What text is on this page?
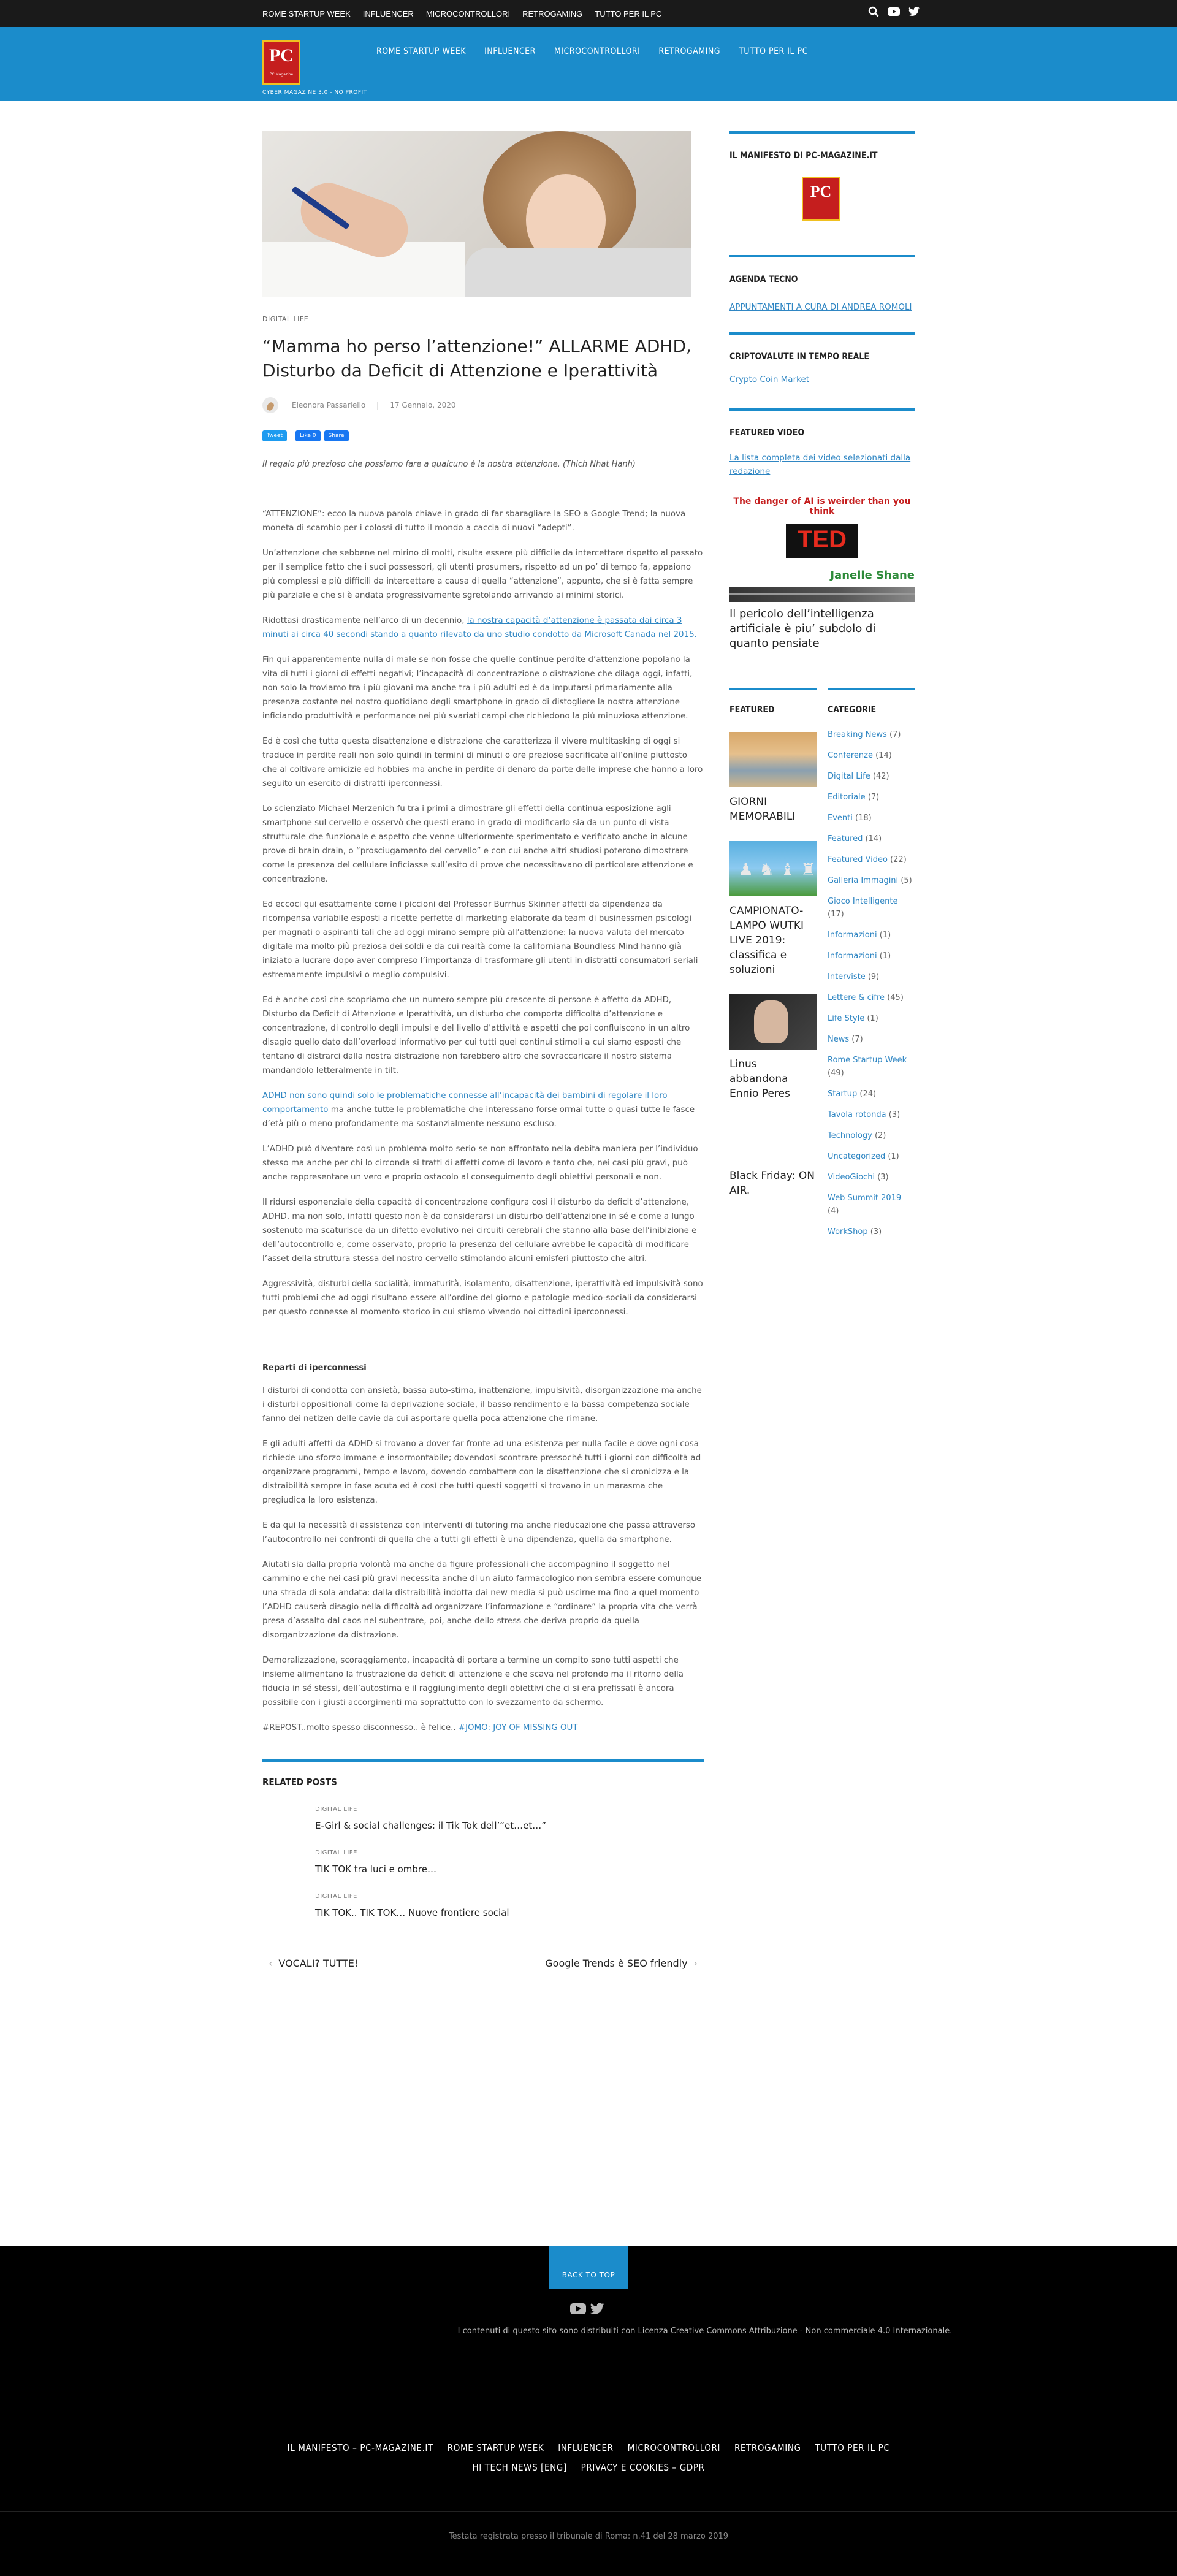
ROME STARTUP WEEK INFLUENCER MICROCONTROLLORI RETROGAMING TUTTO PER IL PC
PC
PC Magazine
CYBER MAGAZINE 3.0 - NO PROFIT
ROME STARTUP WEEK INFLUENCER MICROCONTROLLORI RETROGAMING TUTTO PER IL PC
DIGITAL LIFE
“Mamma ho perso l’attenzione!” ALLARME ADHD, Disturbo da Deficit di Attenzione e Iperattività
Eleonora Passariello | 17 Gennaio, 2020
Tweet	Like 0	Share
Il regalo più prezioso che possiamo fare a qualcuno è la nostra attenzione. (Thich Nhat Hanh)

“ATTENZIONE”: ecco la nuova parola chiave in grado di far sbaragliare la SEO a Google Trend; la nuova moneta di scambio per i colossi di tutto il mondo a caccia di nuovi “adepti”.

Un’attenzione che sebbene nel mirino di molti, risulta essere più difficile da intercettare rispetto al passato per il semplice fatto che i suoi possessori, gli utenti prosumers, rispetto ad un po’ di tempo fa, appaiono più complessi e più difficili da intercettare a causa di quella “attenzione”, appunto, che si è fatta sempre più parziale e che si è andata progressivamente sgretolando arrivando ai minimi storici.

Ridottasi drasticamente nell’arco di un decennio, la nostra capacità d’attenzione è passata dai circa 3 minuti ai circa 40 secondi stando a quanto rilevato da uno studio condotto da Microsoft Canada nel 2015.

Fin qui apparentemente nulla di male se non fosse che quelle continue perdite d’attenzione popolano la vita di tutti i giorni di effetti negativi; l’incapacità di concentrazione o distrazione che dilaga oggi, infatti, non solo la troviamo tra i più giovani ma anche tra i più adulti ed è da imputarsi primariamente alla presenza costante nel nostro quotidiano degli smartphone in grado di distogliere la nostra attenzione inficiando produttività e performance nei più svariati campi che richiedono la più minuziosa attenzione.

Ed è così che tutta questa disattenzione e distrazione che caratterizza il vivere multitasking di oggi si traduce in perdite reali non solo quindi in termini di minuti o ore preziose sacrificate all’online piuttosto che al coltivare amicizie ed hobbies ma anche in perdite di denaro da parte delle imprese che hanno a loro seguito un esercito di distratti iperconnessi.

Lo scienziato Michael Merzenich fu tra i primi a dimostrare gli effetti della continua esposizione agli smartphone sul cervello e osservò che questi erano in grado di modificarlo sia da un punto di vista strutturale che funzionale e aspetto che venne ulteriormente sperimentato e verificato anche in alcune prove di brain drain, o “prosciugamento del cervello” e con cui anche altri studiosi poterono dimostrare come la presenza del cellulare inficiasse sull’esito di prove che necessitavano di particolare attenzione e concentrazione.

Ed eccoci qui esattamente come i piccioni del Professor Burrhus Skinner affetti da dipendenza da ricompensa variabile esposti a ricette perfette di marketing elaborate da team di businessmen psicologi per magnati o aspiranti tali che ad oggi mirano sempre più all’attenzione: la nuova valuta del mercato digitale ma molto più preziosa dei soldi e da cui realtà come la californiana Boundless Mind hanno già iniziato a lucrare dopo aver compreso l’importanza di trasformare gli utenti in distratti consumatori seriali estremamente impulsivi o meglio compulsivi.

Ed è anche così che scopriamo che un numero sempre più crescente di persone è affetto da ADHD, Disturbo da Deficit di Attenzione e Iperattività, un disturbo che comporta difficoltà d’attenzione e concentrazione, di controllo degli impulsi e del livello d’attività e aspetti che poi confluiscono in un altro disagio quello dato dall’overload informativo per cui tutti quei continui stimoli a cui siamo esposti che tentano di distrarci dalla nostra distrazione non farebbero altro che sovraccaricare il nostro sistema mandandolo letteralmente in tilt.

ADHD non sono quindi solo le problematiche connesse all’incapacità dei bambini di regolare il loro comportamento ma anche tutte le problematiche che interessano forse ormai tutte o quasi tutte le fasce d’età più o meno profondamente ma sostanzialmente nessuno escluso.

L’ADHD può diventare così un problema molto serio se non affrontato nella debita maniera per l’individuo stesso ma anche per chi lo circonda si tratti di affetti come di lavoro e tanto che, nei casi più gravi, può anche rappresentare un vero e proprio ostacolo al conseguimento degli obiettivi personali e non.

Il ridursi esponenziale della capacità di concentrazione configura così il disturbo da deficit d’attenzione, ADHD, ma non solo, infatti questo non è da considerarsi un disturbo dell’attenzione in sé e come a lungo sostenuto ma scaturisce da un difetto evolutivo nei circuiti cerebrali che stanno alla base dell’inibizione e dell’autocontrollo e, come osservato, proprio la presenza del cellulare avrebbe le capacità di modificare l’asset della struttura stessa del nostro cervello stimolando alcuni emisferi piuttosto che altri.

Aggressività, disturbi della socialità, immaturità, isolamento, disattenzione, iperattività ed impulsività sono tutti problemi che ad oggi risultano essere all’ordine del giorno e patologie medico-sociali da considerarsi per questo connesse al momento storico in cui stiamo vivendo noi cittadini iperconnessi.

Reparti di iperconnessi

I disturbi di condotta con ansietà, bassa auto-stima, inattenzione, impulsività, disorganizzazione ma anche i disturbi oppositionali come la deprivazione sociale, il basso rendimento e la bassa competenza sociale fanno dei netizen delle cavie da cui asportare quella poca attenzione che rimane.

E gli adulti affetti da ADHD si trovano a dover far fronte ad una esistenza per nulla facile e dove ogni cosa richiede uno sforzo immane e insormontabile; dovendosi scontrare pressoché tutti i giorni con difficoltà ad organizzare programmi, tempo e lavoro, dovendo combattere con la disattenzione che si cronicizza e la distraibilità sempre in fase acuta ed è così che tutti questi soggetti si trovano in un marasma che pregiudica la loro esistenza.

E da qui la necessità di assistenza con interventi di tutoring ma anche rieducazione che passa attraverso l’autocontrollo nei confronti di quella che a tutti gli effetti è una dipendenza, quella da smartphone.

Aiutati sia dalla propria volontà ma anche da figure professionali che accompagnino il soggetto nel cammino e che nei casi più gravi necessita anche di un aiuto farmacologico non sembra essere comunque una strada di sola andata: dalla distraibilità indotta dai new media si può uscirne ma fino a quel momento l’ADHD causerà disagio nella difficoltà ad organizzare l’informazione e “ordinare” la propria vita che verrà presa d’assalto dal caos nel subentrare, poi, anche dello stress che deriva proprio da quella disorganizzazione da distrazione.

Demoralizzazione, scoraggiamento, incapacità di portare a termine un compito sono tutti aspetti che insieme alimentano la frustrazione da deficit di attenzione e che scava nel profondo ma il ritorno della fiducia in sé stessi, dell’autostima e il raggiungimento degli obiettivi che ci si era prefissati è ancora possibile con i giusti accorgimenti ma soprattutto con lo svezzamento da schermo.

#REPOST..molto spesso disconnesso.. è felice.. #JOMO: JOY OF MISSING OUT

RELATED POSTS
DIGITAL LIFE
E-Girl & social challenges: il Tik Tok dell’“et…et…”
DIGITAL LIFE
TIK TOK tra luci e ombre…
DIGITAL LIFE
TIK TOK.. TIK TOK… Nuove frontiere social
‹ VOCALI? TUTTE!	Google Trends è SEO friendly ›
IL MANIFESTO DI PC-MAGAZINE.IT
PC
AGENDA TECNO
APPUNTAMENTI A CURA DI ANDREA ROMOLI
CRIPTOVALUTE IN TEMPO REALE
Crypto Coin Market
FEATURED VIDEO
La lista completa dei video selezionati dalla redazione
The danger of AI is weirder than you think
TED
Janelle Shane
Il pericolo dell’intelligenza artificiale è piu’ subdolo di quanto pensiate
FEATURED
GIORNI MEMORABILI
♟ ♞ ♝ ♜
CAMPIONATO-LAMPO WUTKI LIVE 2019: classifica e soluzioni
Linus abbandona Ennio Peres
Black Friday: ON AIR.
CATEGORIE
Breaking News (7)
Conferenze (14)
Digital Life (42)
Editoriale (7)
Eventi (18)
Featured (14)
Featured Video (22)
Galleria Immagini (5)
Gioco Intelligente (17)
Informazioni (1)
Informazioni (1)
Interviste (9)
Lettere & cifre (45)
Life Style (1)
News (7)
Rome Startup Week (49)
Startup (24)
Tavola rotonda (3)
Technology (2)
Uncategorized (1)
VideoGiochi (3)
Web Summit 2019 (4)
WorkShop (3)
BACK TO TOP
I contenuti di questo sito sono distribuiti con Licenza Creative Commons Attribuzione - Non commerciale 4.0 Internazionale.
IL MANIFESTO – PC-MAGAZINE.IT ROME STARTUP WEEK INFLUENCER MICROCONTROLLORI RETROGAMING TUTTO PER IL PC
HI TECH NEWS [ENG] PRIVACY E COOKIES – GDPR
Testata registrata presso il tribunale di Roma: n.41 del 28 marzo 2019
